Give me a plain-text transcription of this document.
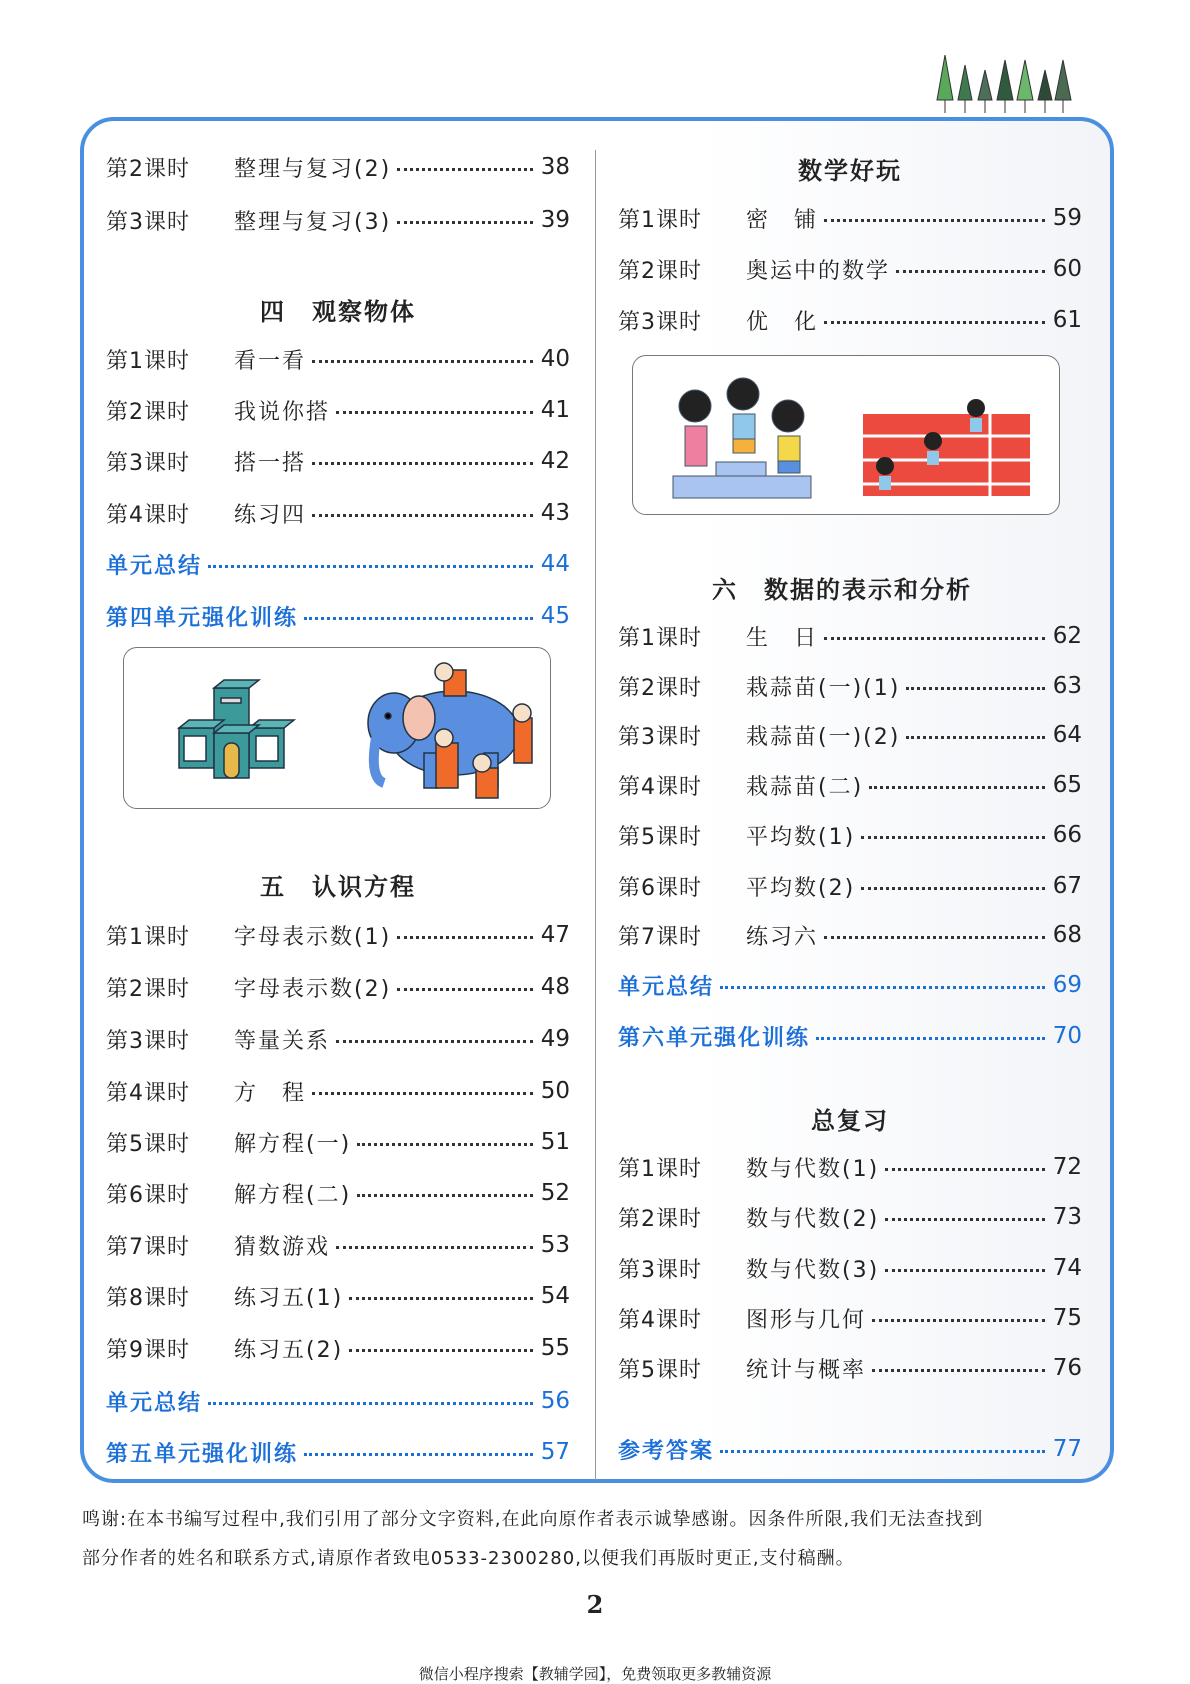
第2课时	整理与复习(2)	38
第3课时	整理与复习(3)	39
第1课时	看一看	40
第2课时	我说你搭	41
第3课时	搭一搭	42
第4课时	练习四	43
单元总结	44
第四单元强化训练	45
第1课时	字母表示数(1)	47
第2课时	字母表示数(2)	48
第3课时	等量关系	49
第4课时	方　程	50
第5课时	解方程(一)	51
第6课时	解方程(二)	52
第7课时	猜数游戏	53
第8课时	练习五(1)	54
第9课时	练习五(2)	55
单元总结	56
第五单元强化训练	57
第1课时	密　铺	59
第2课时	奥运中的数学	60
第3课时	优　化	61
第1课时	生　日	62
第2课时	栽蒜苗(一)(1)	63
第3课时	栽蒜苗(一)(2)	64
第4课时	栽蒜苗(二)	65
第5课时	平均数(1)	66
第6课时	平均数(2)	67
第7课时	练习六	68
单元总结	69
第六单元强化训练	70
第1课时	数与代数(1)	72
第2课时	数与代数(2)	73
第3课时	数与代数(3)	74
第4课时	图形与几何	75
第5课时	统计与概率	76
参考答案	77
四　观察物体
五　认识方程
数学好玩
六　数据的表示和分析
总复习
鸣谢:在本书编写过程中,我们引用了部分文字资料,在此向原作者表示诚挚感谢。因条件所限,我们无法查找到
部分作者的姓名和联系方式,请原作者致电0533-2300280,以便我们再版时更正,支付稿酬。
2
微信小程序搜索【教辅学园】，免费领取更多教辅资源
